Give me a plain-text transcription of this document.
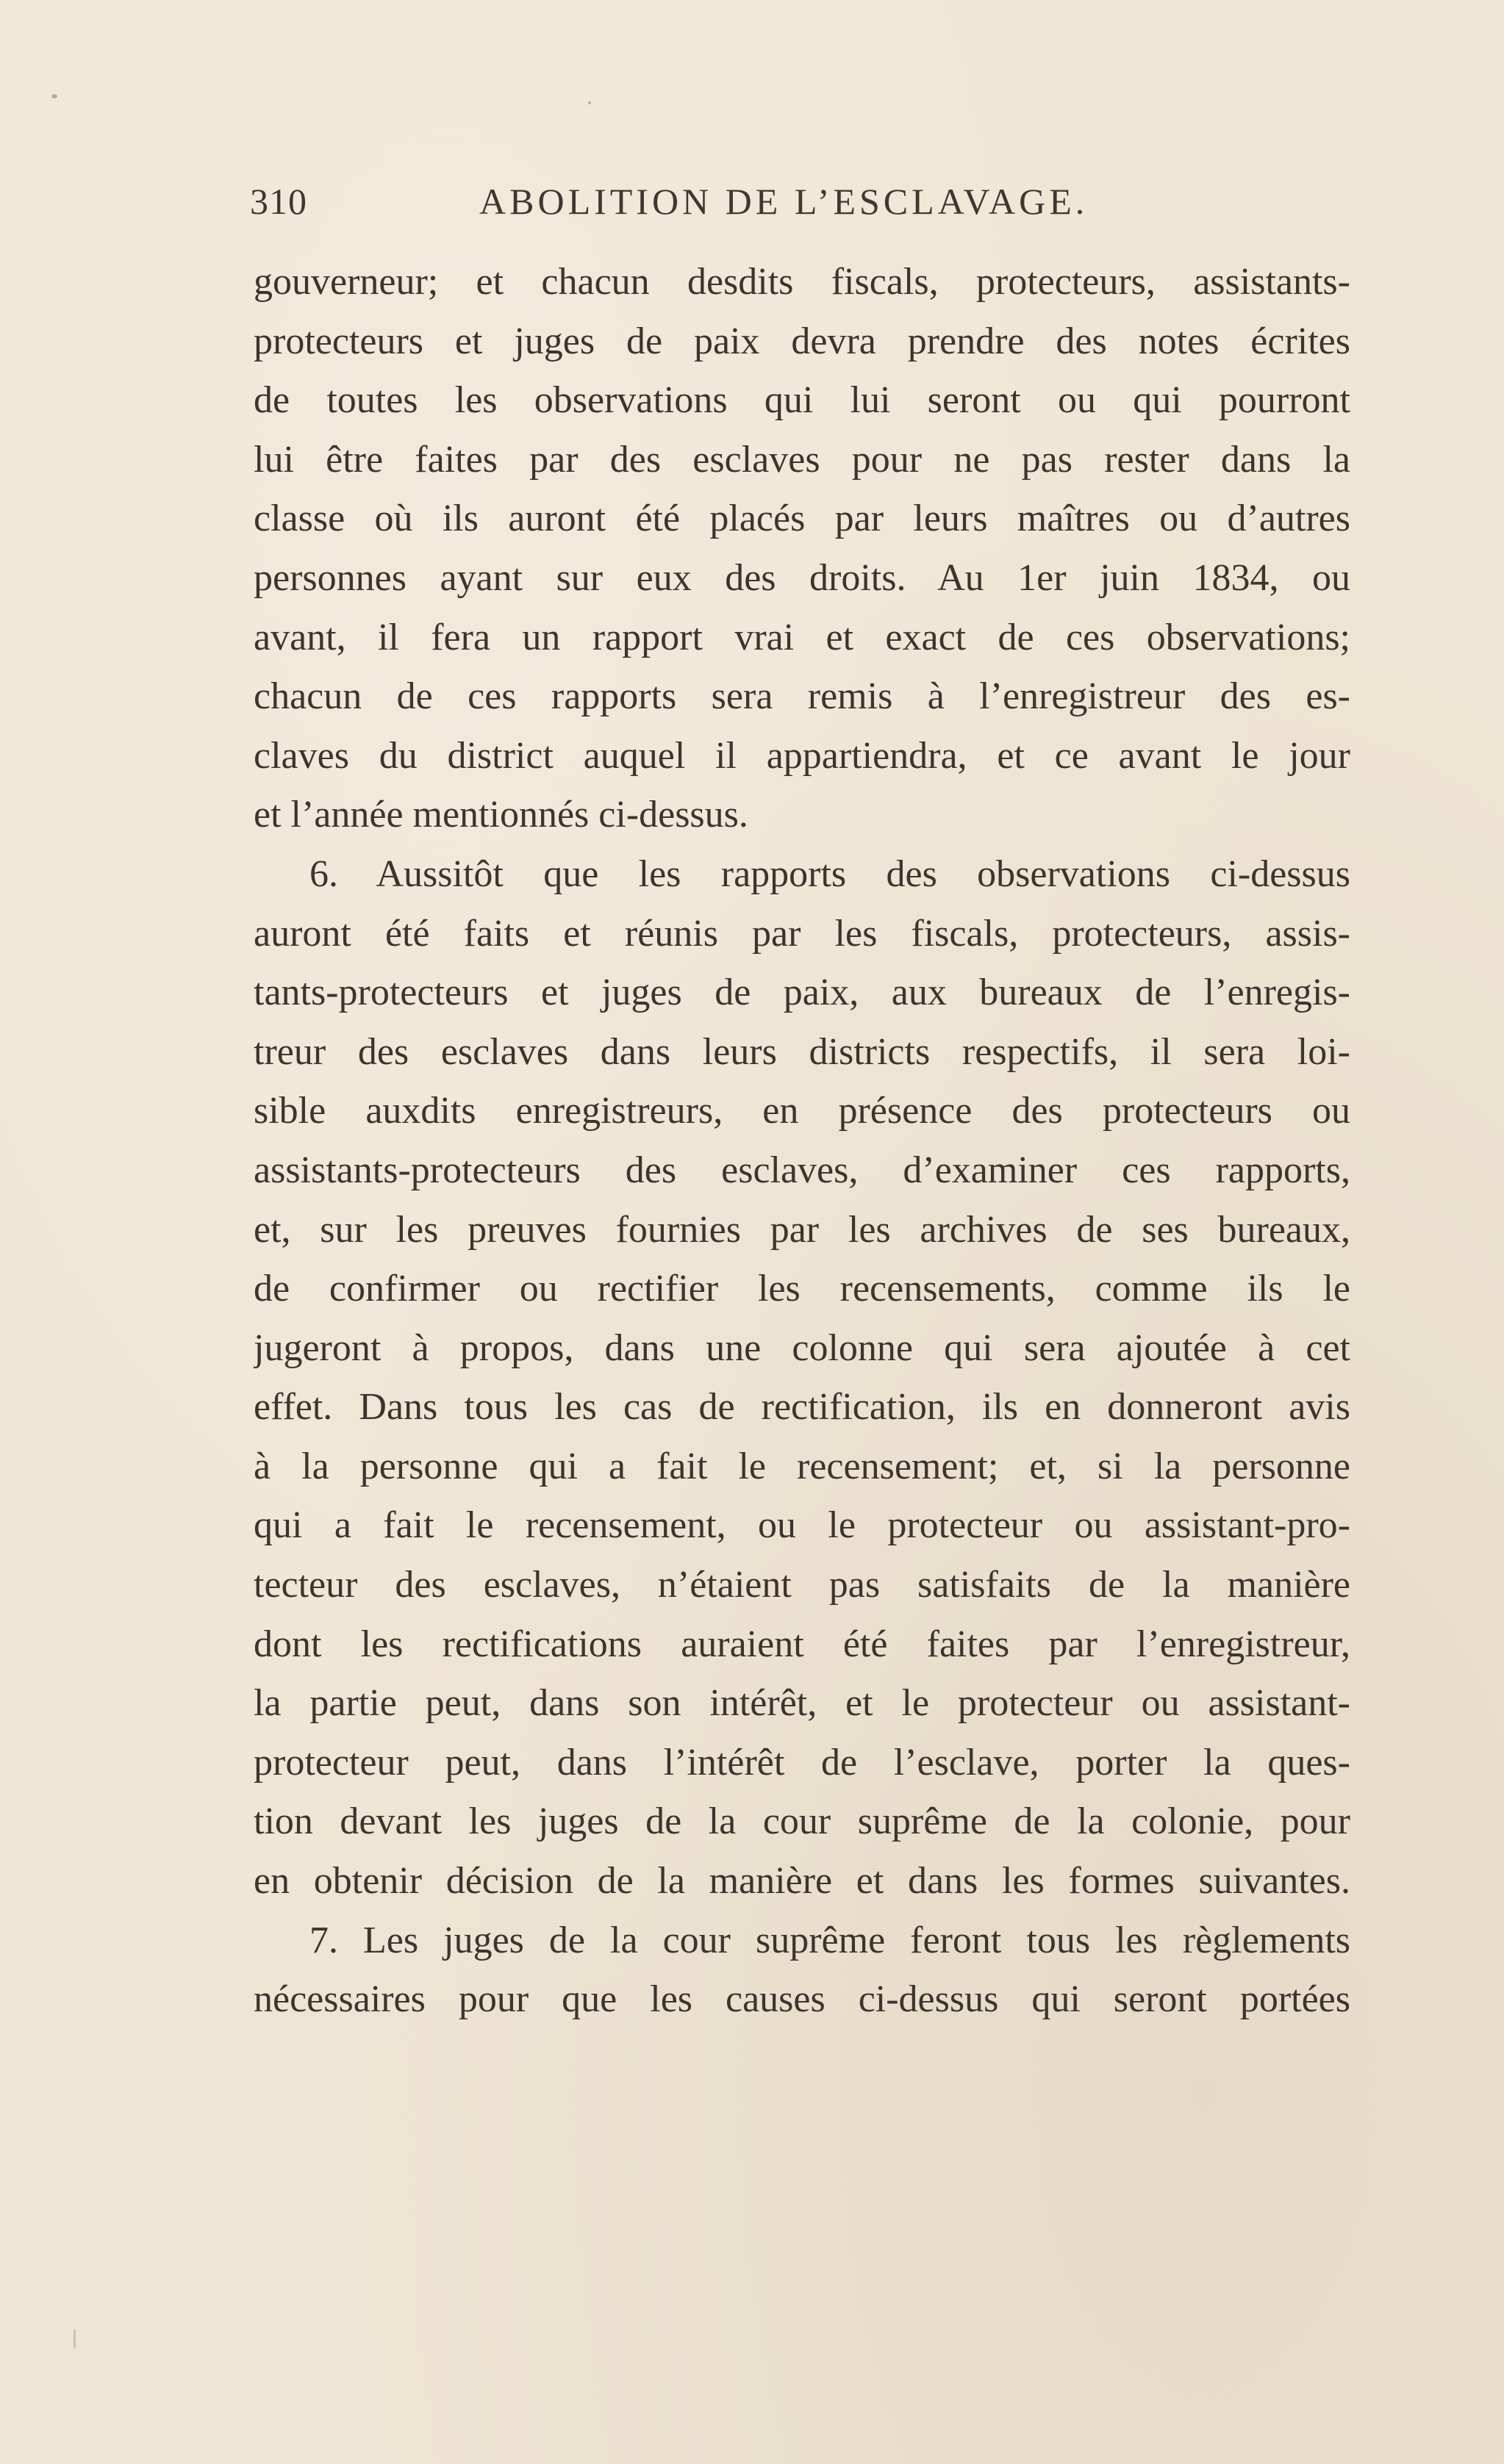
310	ABOLITION DE L’ESCLAVAGE.
gouverneur; et chacun desdits fiscals, protecteurs, assistants-
protecteurs et juges de paix devra prendre des notes écrites
de toutes les observations qui lui seront ou qui pourront
lui être faites par des esclaves pour ne pas rester dans la
classe où ils auront été placés par leurs maîtres ou d’autres
personnes ayant sur eux des droits. Au 1er juin 1834, ou
avant, il fera un rapport vrai et exact de ces observations;
chacun de ces rapports sera remis à l’enregistreur des es-
claves du district auquel il appartiendra, et ce avant le jour
et l’année mentionnés ci-dessus.
6. Aussitôt que les rapports des observations ci-dessus
auront été faits et réunis par les fiscals, protecteurs, assis-
tants-protecteurs et juges de paix, aux bureaux de l’enregis-
treur des esclaves dans leurs districts respectifs, il sera loi-
sible auxdits enregistreurs, en présence des protecteurs ou
assistants-protecteurs des esclaves, d’examiner ces rapports,
et, sur les preuves fournies par les archives de ses bureaux,
de confirmer ou rectifier les recensements, comme ils le
jugeront à propos, dans une colonne qui sera ajoutée à cet
effet. Dans tous les cas de rectification, ils en donneront avis
à la personne qui a fait le recensement; et, si la personne
qui a fait le recensement, ou le protecteur ou assistant-pro-
tecteur des esclaves, n’étaient pas satisfaits de la manière
dont les rectifications auraient été faites par l’enregistreur,
la partie peut, dans son intérêt, et le protecteur ou assistant-
protecteur peut, dans l’intérêt de l’esclave, porter la ques-
tion devant les juges de la cour suprême de la colonie, pour
en obtenir décision de la manière et dans les formes suivantes.
7. Les juges de la cour suprême feront tous les règlements
nécessaires pour que les causes ci-dessus qui seront portées
